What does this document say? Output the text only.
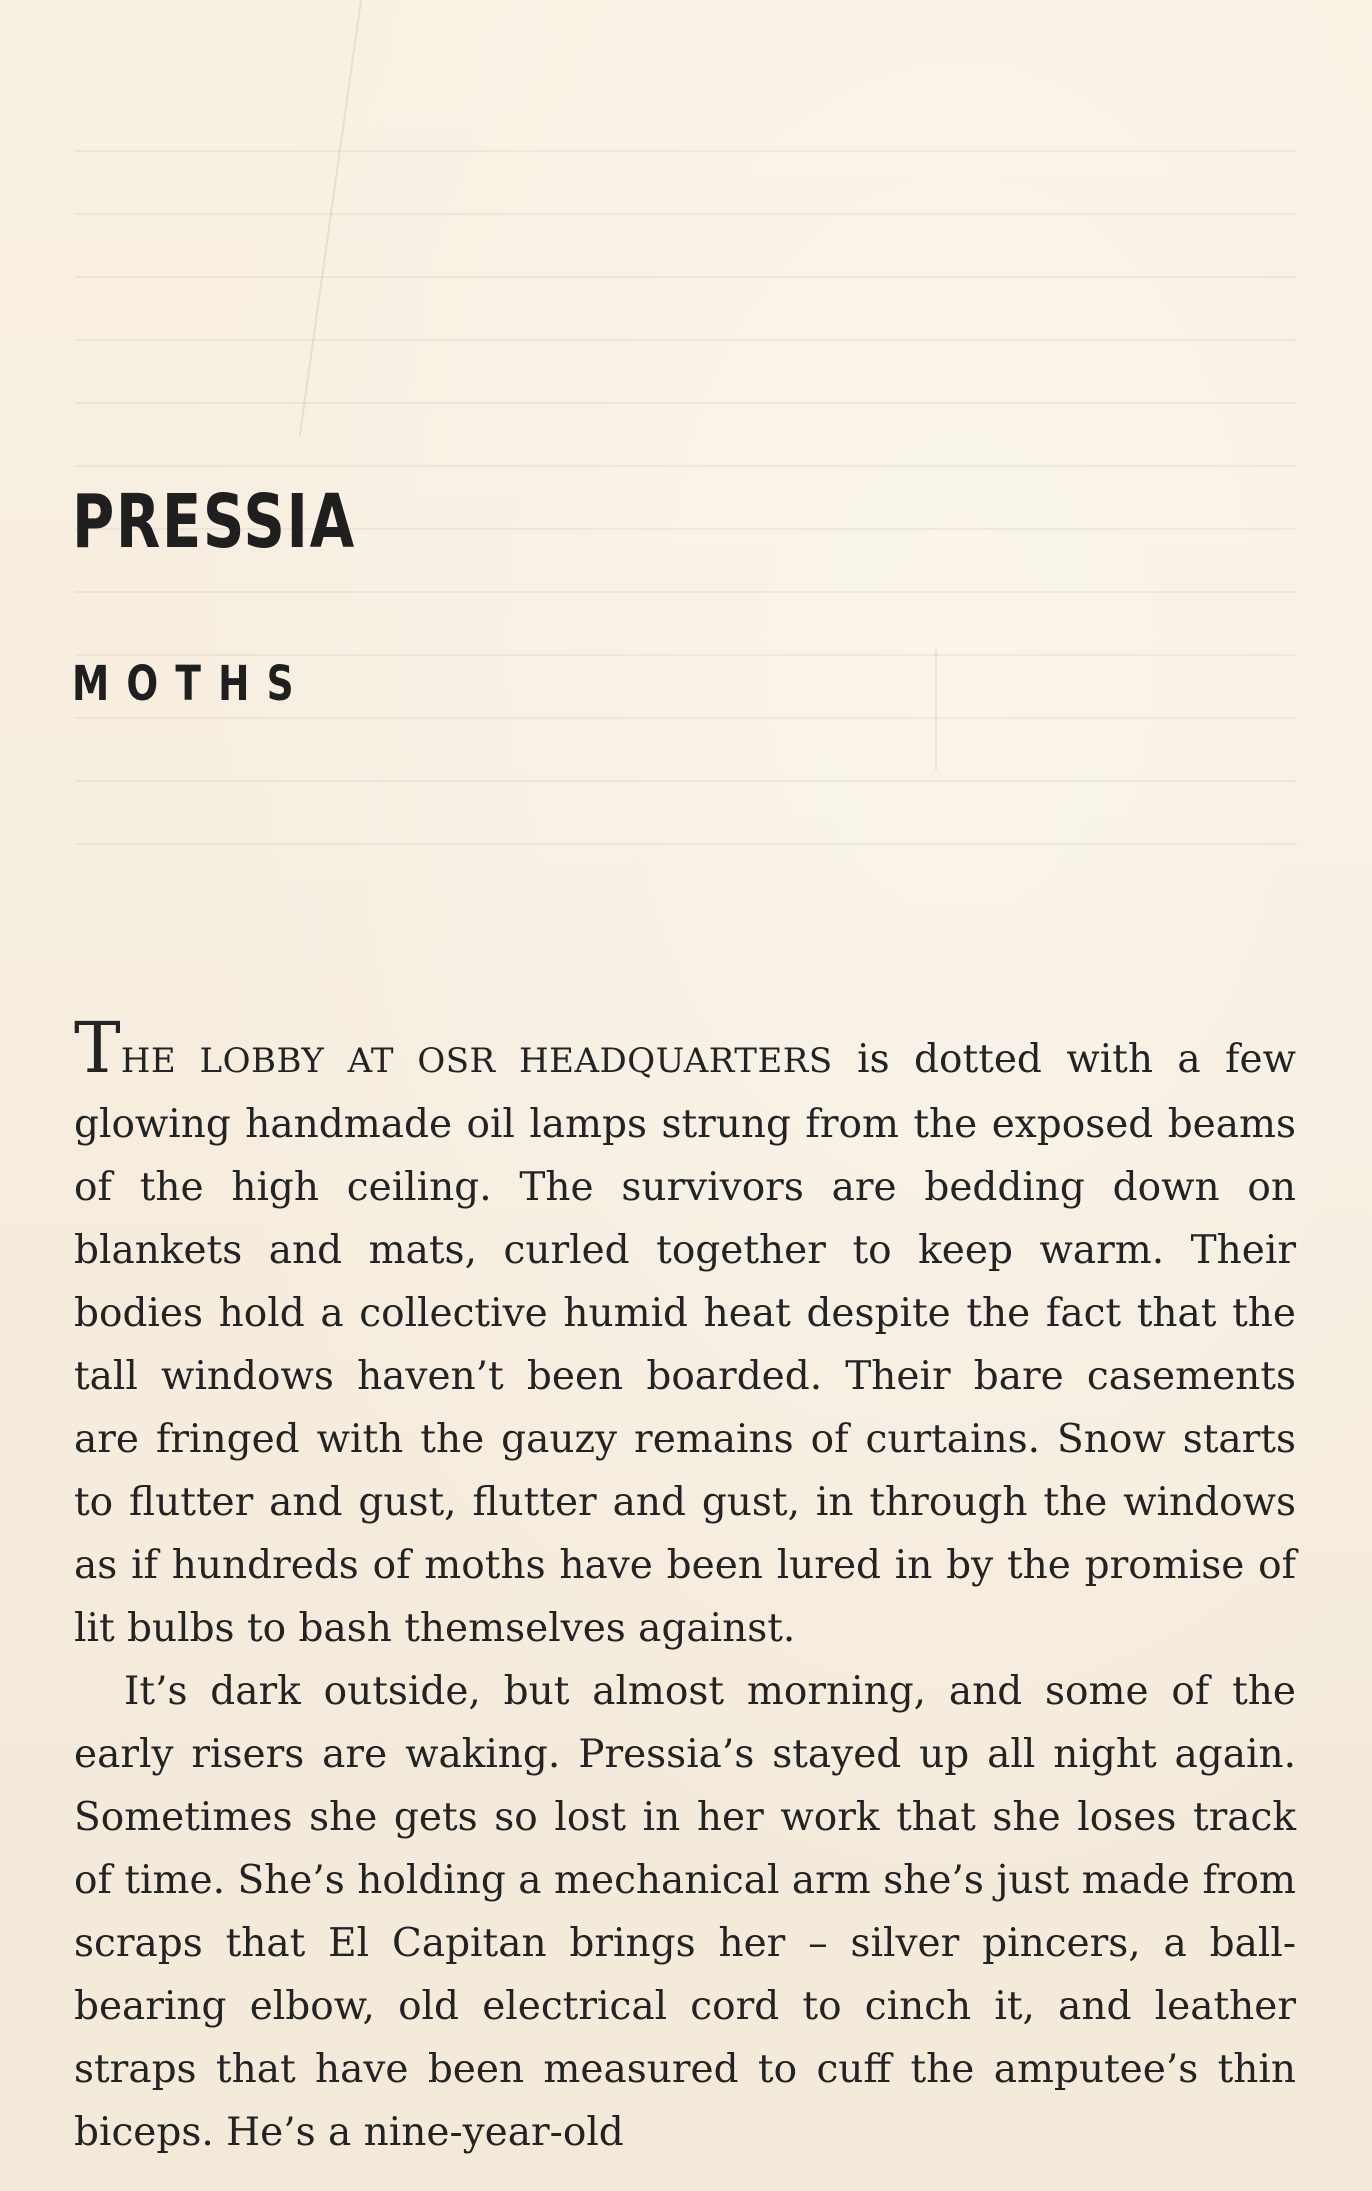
PRESSIA
MOTHS

THE LOBBY AT OSR HEADQUARTERS is dotted with a few glowing handmade oil lamps strung from the exposed beams of the high ceiling. The survivors are bedding down on blankets and mats, curled together to keep warm. Their bodies hold a collective humid heat despite the fact that the tall windows haven’t been boarded. Their bare casements are fringed with the gauzy remains of curtains. Snow starts to flutter and gust, flutter and gust, in through the windows as if hundreds of moths have been lured in by the promise of lit bulbs to bash themselves against.

It’s dark outside, but almost morning, and some of the early risers are waking. Pressia’s stayed up all night again. Sometimes she gets so lost in her work that she loses track of time. She’s holding a mechanical arm she’s just made from scraps that El Capitan brings her – silver pincers, a ball-bearing elbow, old electrical cord to cinch it, and leather straps that have been measured to cuff the amputee’s thin biceps. He’s a nine-year-old
